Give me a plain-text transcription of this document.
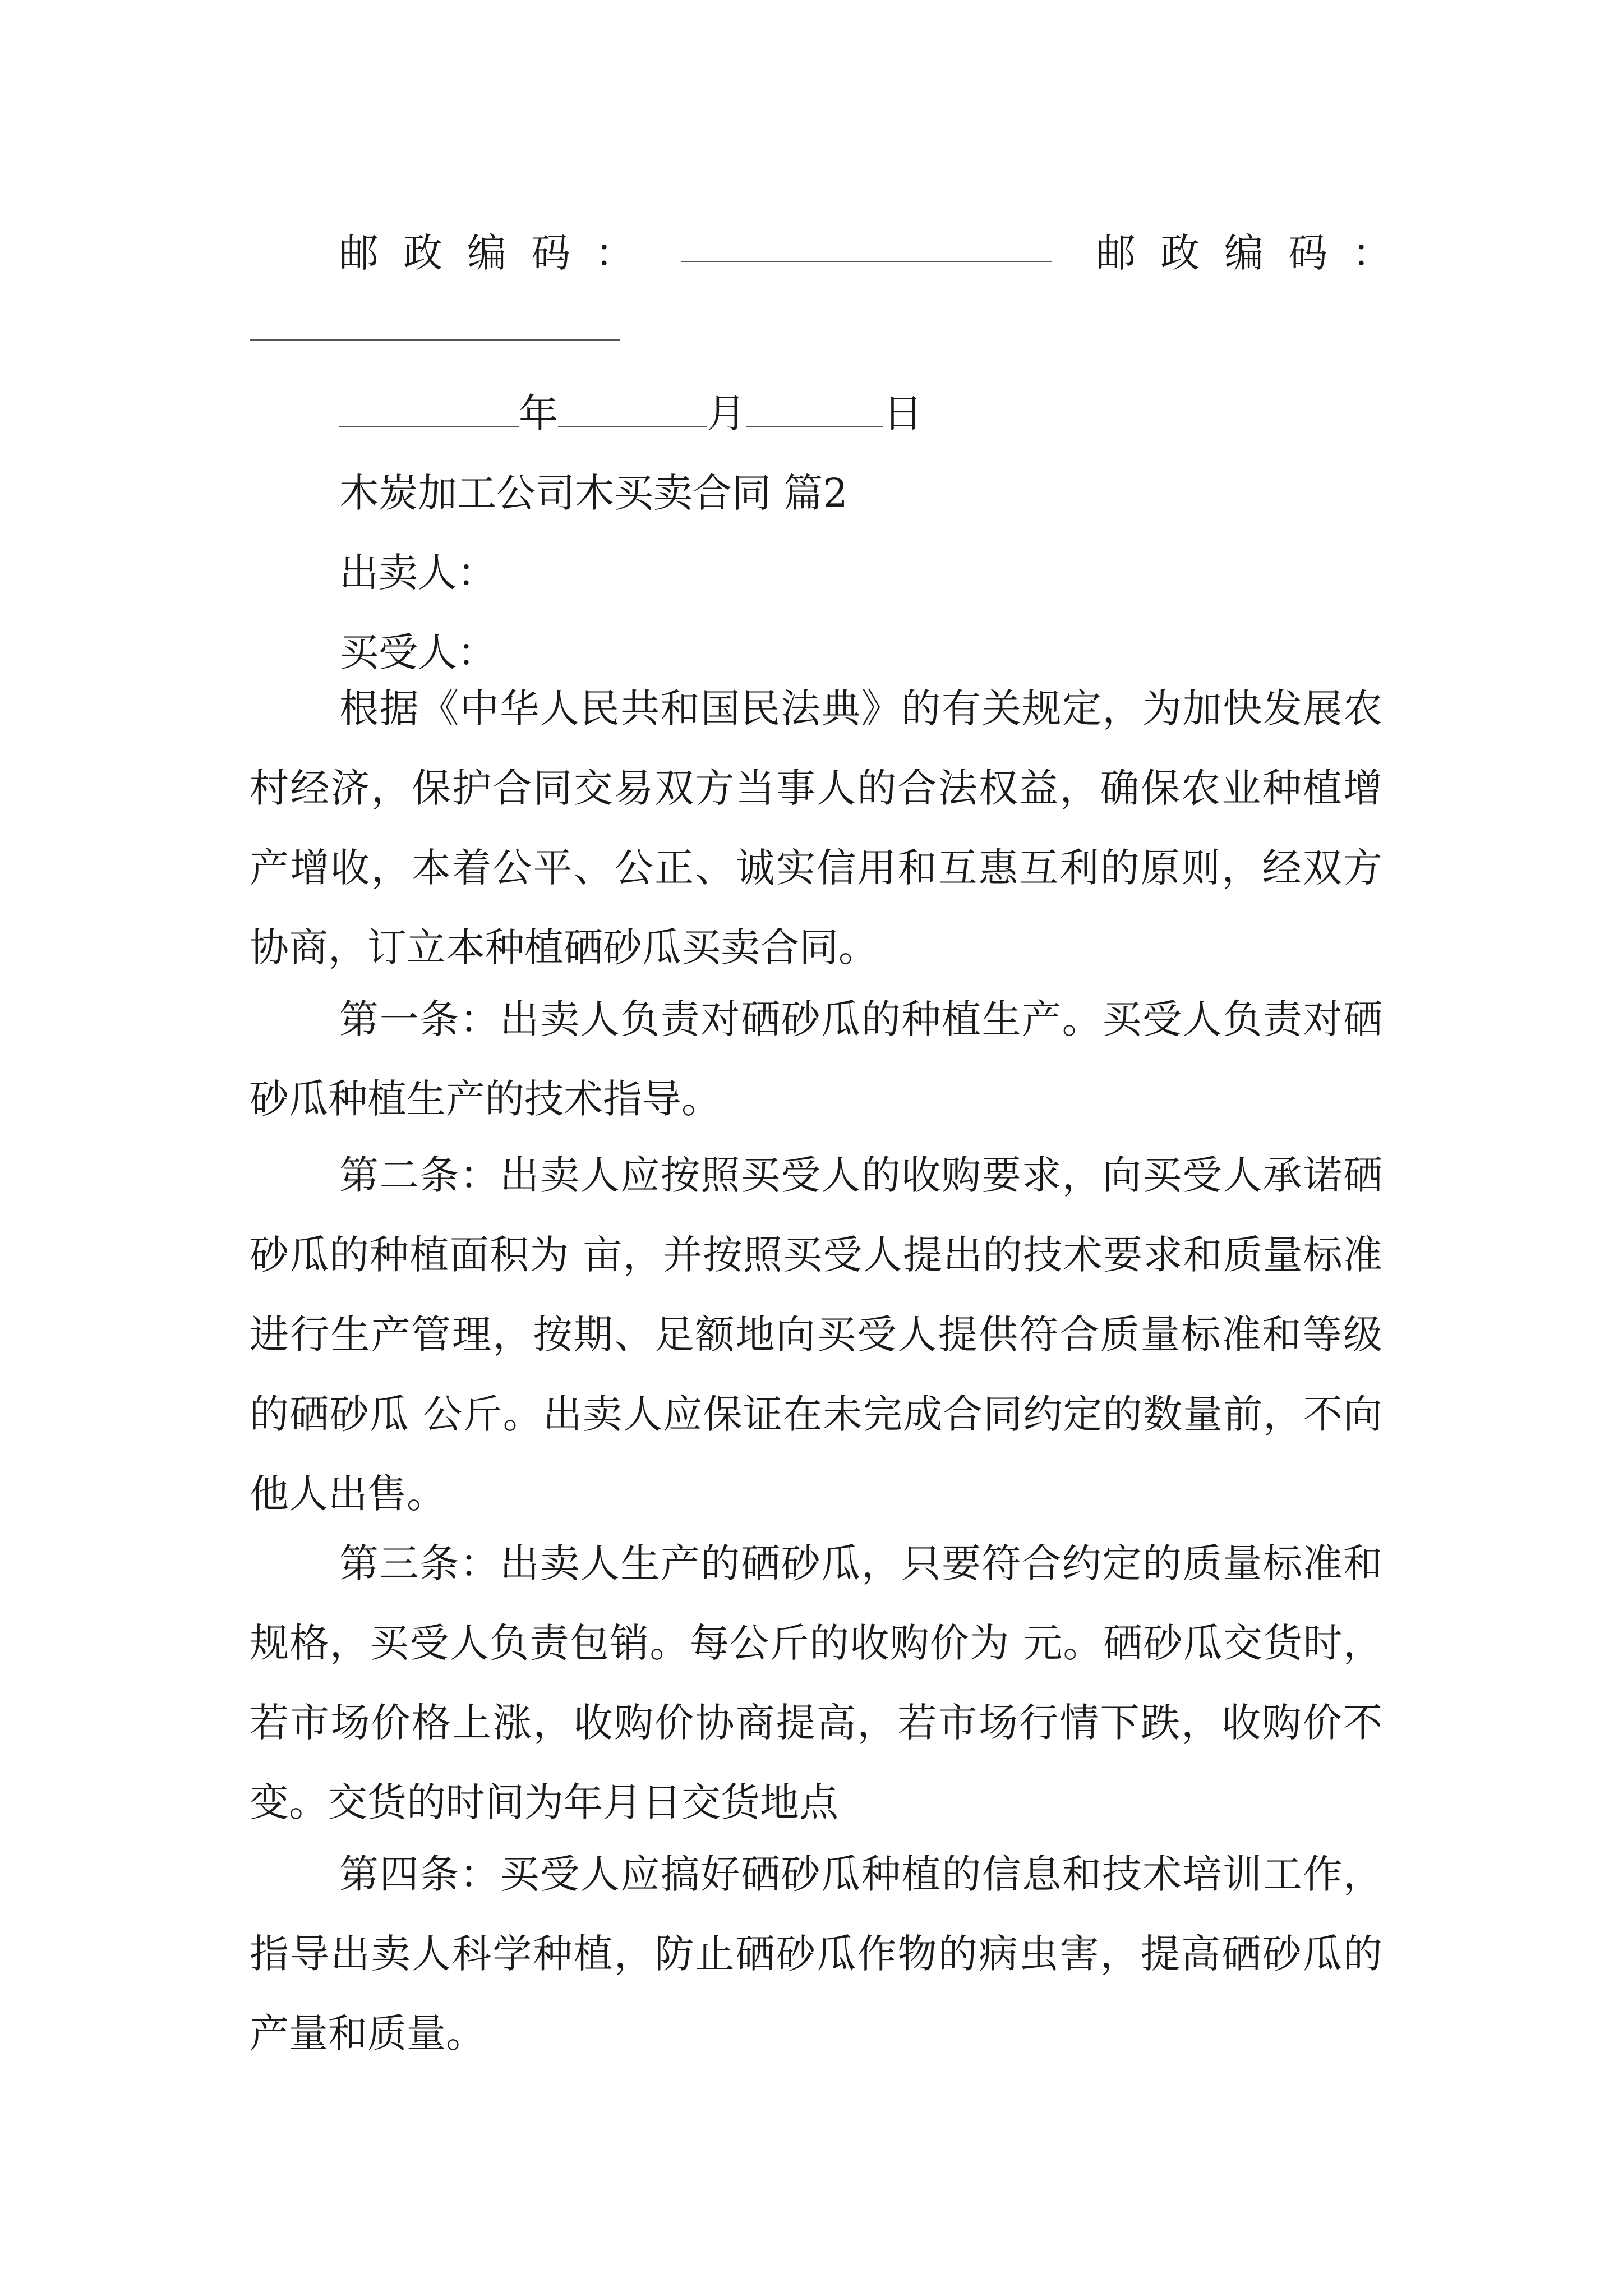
邮政编码：	邮政编码：
年	月	日

木炭加工公司木买卖合同 篇2

出卖人：

买受人：

根据《中华人民共和国民法典》的有关规定，为加快发展农村经济，保护合同交易双方当事人的合法权益，确保农业种植增产增收，本着公平、公正、诚实信用和互惠互利的原则，经双方协商，订立本种植硒砂瓜买卖合同。

第一条：出卖人负责对硒砂瓜的种植生产。买受人负责对硒砂瓜种植生产的技术指导。

第二条：出卖人应按照买受人的收购要求，向买受人承诺硒砂瓜的种植面积为 亩，并按照买受人提出的技术要求和质量标准进行生产管理，按期、足额地向买受人提供符合质量标准和等级的硒砂瓜 公斤。出卖人应保证在未完成合同约定的数量前，不向他人出售。

第三条：出卖人生产的硒砂瓜，只要符合约定的质量标准和规格，买受人负责包销。每公斤的收购价为 元。硒砂瓜交货时，若市场价格上涨，收购价协商提高，若市场行情下跌，收购价不变。交货的时间为年月日交货地点

第四条：买受人应搞好硒砂瓜种植的信息和技术培训工作，指导出卖人科学种植，防止硒砂瓜作物的病虫害，提高硒砂瓜的产量和质量。
